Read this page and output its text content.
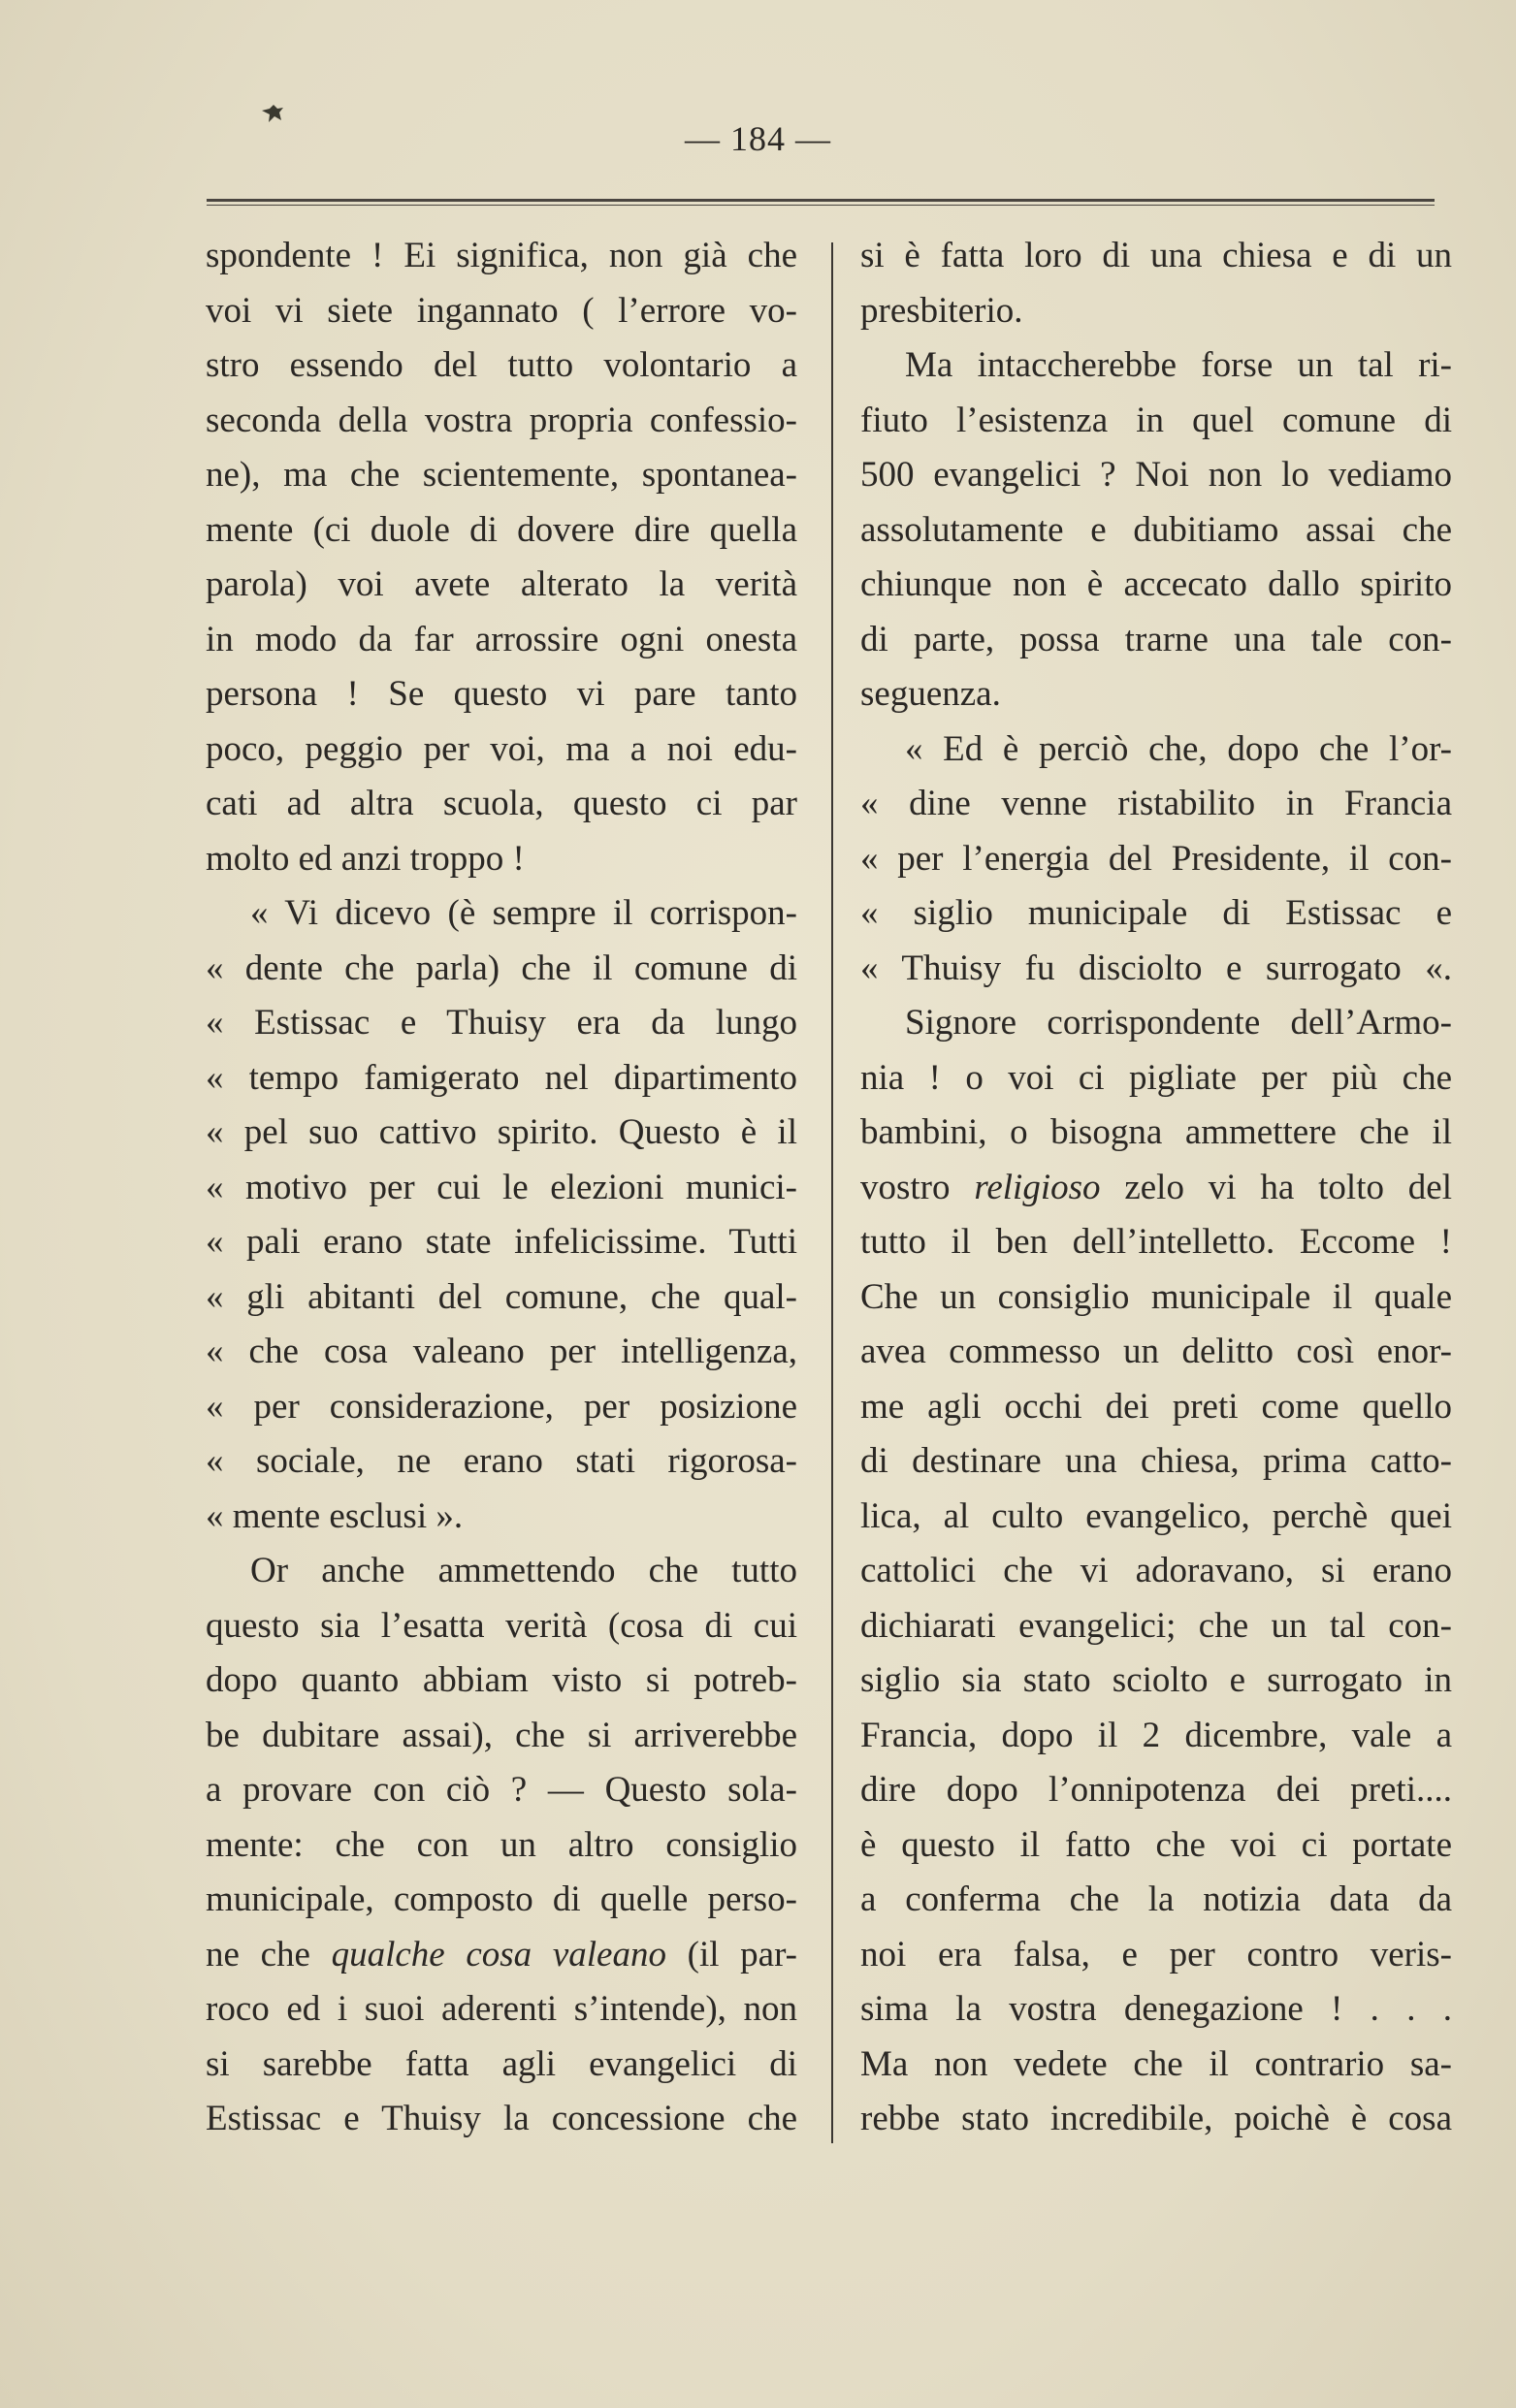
— 184 —
spondente ! Ei significa, non già che
voi vi siete ingannato ( l’errore vo-
stro essendo del tutto volontario a
seconda della vostra propria confessio-
ne), ma che scientemente, spontanea-
mente (ci duole di dovere dire quella
parola) voi avete alterato la verità
in modo da far arrossire ogni onesta
persona ! Se questo vi pare tanto
poco, peggio per voi, ma a noi edu-
cati ad altra scuola, questo ci par
molto ed anzi troppo !
« Vi dicevo (è sempre il corrispon-
« dente che parla) che il comune di
« Estissac e Thuisy era da lungo
« tempo famigerato nel dipartimento
« pel suo cattivo spirito. Questo è il
« motivo per cui le elezioni munici-
« pali erano state infelicissime. Tutti
« gli abitanti del comune, che qual-
« che cosa valeano per intelligenza,
« per considerazione, per posizione
« sociale, ne erano stati rigorosa-
« mente esclusi ».
Or anche ammettendo che tutto
questo sia l’esatta verità (cosa di cui
dopo quanto abbiam visto si potreb-
be dubitare assai), che si arriverebbe
a provare con ciò ? — Questo sola-
mente: che con un altro consiglio
municipale, composto di quelle perso-
ne che qualche cosa valeano (il par-
roco ed i suoi aderenti s’intende), non
si sarebbe fatta agli evangelici di
Estissac e Thuisy la concessione che
si è fatta loro di una chiesa e di un
presbiterio.
Ma intaccherebbe forse un tal ri-
fiuto l’esistenza in quel comune di
500 evangelici ? Noi non lo vediamo
assolutamente e dubitiamo assai che
chiunque non è accecato dallo spirito
di parte, possa trarne una tale con-
seguenza.
« Ed è perciò che, dopo che l’or-
« dine venne ristabilito in Francia
« per l’energia del Presidente, il con-
« siglio municipale di Estissac e
« Thuisy fu disciolto e surrogato «.
Signore corrispondente dell’Armo-
nia ! o voi ci pigliate per più che
bambini, o bisogna ammettere che il
vostro religioso zelo vi ha tolto del
tutto il ben dell’intelletto. Eccome !
Che un consiglio municipale il quale
avea commesso un delitto così enor-
me agli occhi dei preti come quello
di destinare una chiesa, prima catto-
lica, al culto evangelico, perchè quei
cattolici che vi adoravano, si erano
dichiarati evangelici; che un tal con-
siglio sia stato sciolto e surrogato in
Francia, dopo il 2 dicembre, vale a
dire dopo l’onnipotenza dei preti....
è questo il fatto che voi ci portate
a conferma che la notizia data da
noi era falsa, e per contro veris-
sima la vostra denegazione ! . . .
Ma non vedete che il contrario sa-
rebbe stato incredibile, poichè è cosa
